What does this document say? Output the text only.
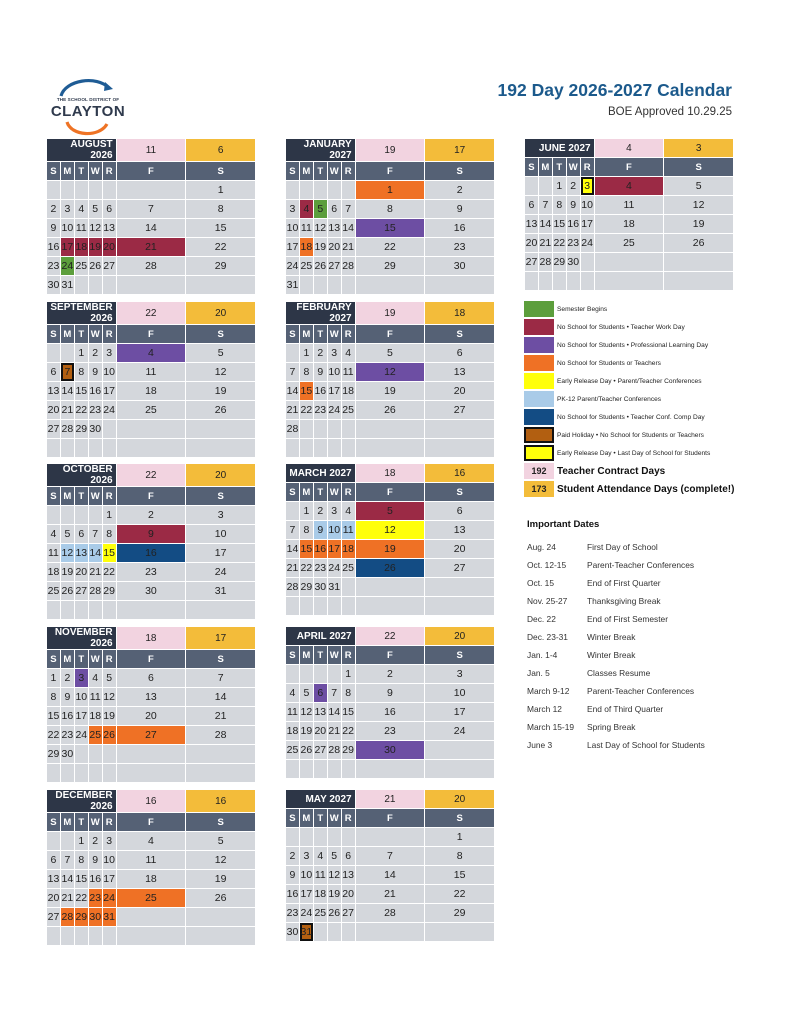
THE SCHOOL DISTRICT OF
CLAYTON
192 Day 2026-2027 Calendar
BOE Approved 10.29.25
AUGUST 2026					11	6
S	M	T	W	R	F	S
						1
2	3	4	5	6	7	8
9	10	11	12	13	14	15
16	17	18	19	20	21	22
23	24	25	26	27	28	29
30	31					
JANUARY 2027					19	17
S	M	T	W	R	F	S
					1	2
3	4	5	6	7	8	9
10	11	12	13	14	15	16
17	18	19	20	21	22	23
24	25	26	27	28	29	30
31						
JUNE 2027					4	3
S	M	T	W	R	F	S
		1	2	3	4	5
6	7	8	9	10	11	12
13	14	15	16	17	18	19
20	21	22	23	24	25	26
27	28	29	30			

SEPTEMBER 2026					22	20
S	M	T	W	R	F	S
		1	2	3	4	5
6	7	8	9	10	11	12
13	14	15	16	17	18	19
20	21	22	23	24	25	26
27	28	29	30			

FEBRUARY 2027					19	18
S	M	T	W	R	F	S
	1	2	3	4	5	6
7	8	9	10	11	12	13
14	15	16	17	18	19	20
21	22	23	24	25	26	27
28						

OCTOBER 2026					22	20
S	M	T	W	R	F	S
				1	2	3
4	5	6	7	8	9	10
11	12	13	14	15	16	17
18	19	20	21	22	23	24
25	26	27	28	29	30	31

MARCH 2027					18	16
S	M	T	W	R	F	S
	1	2	3	4	5	6
7	8	9	10	11	12	13
14	15	16	17	18	19	20
21	22	23	24	25	26	27
28	29	30	31			

NOVEMBER 2026					18	17
S	M	T	W	R	F	S
1	2	3	4	5	6	7
8	9	10	11	12	13	14
15	16	17	18	19	20	21
22	23	24	25	26	27	28
29	30					

APRIL 2027					22	20
S	M	T	W	R	F	S
				1	2	3
4	5	6	7	8	9	10
11	12	13	14	15	16	17
18	19	20	21	22	23	24
25	26	27	28	29	30	

DECEMBER 2026					16	16
S	M	T	W	R	F	S
		1	2	3	4	5
6	7	8	9	10	11	12
13	14	15	16	17	18	19
20	21	22	23	24	25	26
27	28	29	30	31		

MAY 2027					21	20
S	M	T	W	R	F	S
						1
2	3	4	5	6	7	8
9	10	11	12	13	14	15
16	17	18	19	20	21	22
23	24	25	26	27	28	29
30	31					
Semester Begins
No School for Students • Teacher Work Day
No School for Students • Professional Learning Day
No School for Students or Teachers
Early Release Day • Parent/Teacher Conferences
PK-12 Parent/Teacher Conferences
No School for Students • Teacher Conf. Comp Day
Paid Holiday • No School for Students or Teachers
Early Release Day • Last Day of School for Students
192	Teacher Contract Days
173	Student Attendance Days (complete!)
Important Dates
Aug. 24	First Day of School
Oct. 12-15	Parent-Teacher Conferences
Oct. 15	End of First Quarter
Nov. 25-27	Thanksgiving Break
Dec. 22	End of First Semester
Dec. 23-31	Winter Break
Jan. 1-4	Winter Break
Jan. 5	Classes Resume
March 9-12	Parent-Teacher Conferences
March 12	End of Third Quarter
March 15-19	Spring Break
June 3	Last Day of School for Students
